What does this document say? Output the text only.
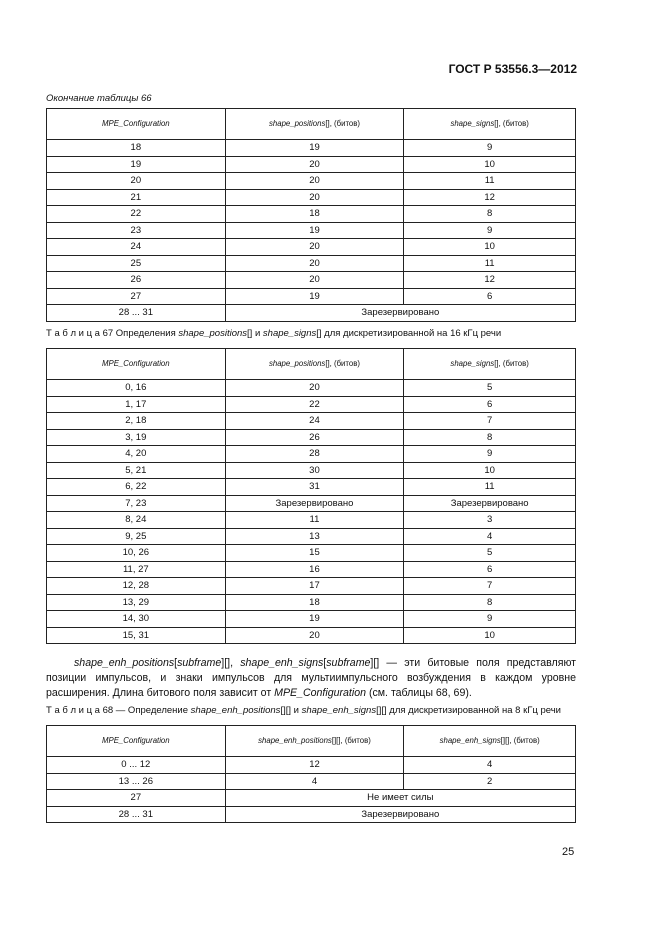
ГОСТ Р 53556.3—2012
Окончание таблицы 66
MPE_Configuration	shape_positions[], (битов)	shape_signs[], (битов)
18	19	9
19	20	10
20	20	11
21	20	12
22	18	8
23	19	9
24	20	10
25	20	11
26	20	12
27	19	6
28 ... 31	Зарезервировано	
Т а б л и ц а 67 Определения shape_positions[] и shape_signs[] для дискретизированной на 16 кГц речи
MPE_Configuration	shape_positions[], (битов)	shape_signs[], (битов)
0, 16	20	5
1, 17	22	6
2, 18	24	7
3, 19	26	8
4, 20	28	9
5, 21	30	10
6, 22	31	11
7, 23	Зарезервировано	Зарезервировано
8, 24	11	3
9, 25	13	4
10, 26	15	5
11, 27	16	6
12, 28	17	7
13, 29	18	8
14, 30	19	9
15, 31	20	10
shape_enh_positions[subframe][], shape_enh_signs[subframe][] — эти битовые поля представляют позиции импульсов, и знаки импульсов для мультиимпульсного возбуждения в каждом уровне расширения. Длина битового поля зависит от MPE_Configuration (см. таблицы 68, 69).
Т а б л и ц а 68 — Определение shape_enh_positions[][] и shape_enh_signs[][] для дискретизированной на 8 кГц речи
MPE_Configuration	shape_enh_positions[][], (битов)	shape_enh_signs[][], (битов)
0 ... 12	12	4
13 ... 26	4	2
27	Не имеет силы	
28 ... 31	Зарезервировано	
25
